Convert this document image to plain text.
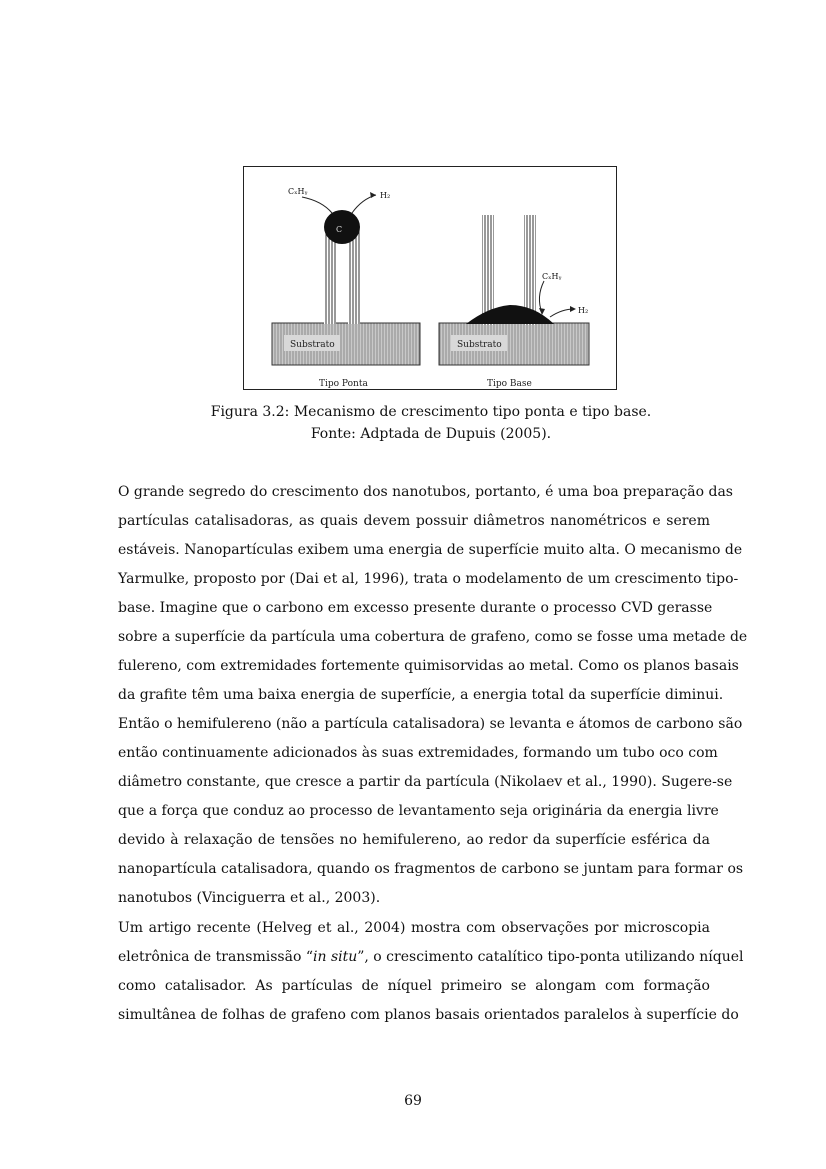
CₓHᵧ	H₂
C
Substrato
Tipo Ponta
CₓHᵧ
H₂
Substrato
Tipo Base
Figura 3.2: Mecanismo de crescimento tipo ponta e tipo base.
Fonte: Adptada de Dupuis (2005).
O grande segredo do crescimento dos nanotubos, portanto, é uma boa preparação das
partículas catalisadoras, as quais devem possuir diâmetros nanométricos e serem
estáveis. Nanopartículas exibem uma energia de superfície muito alta. O mecanismo de
Yarmulke, proposto por (Dai et al, 1996), trata o modelamento de um crescimento tipo-
base. Imagine que o carbono em excesso presente durante o processo CVD gerasse
sobre a superfície da partícula uma cobertura de grafeno, como se fosse uma metade de
fulereno, com extremidades fortemente quimisorvidas ao metal. Como os planos basais
da grafite têm uma baixa energia de superfície, a energia total da superfície diminui.
Então o hemifulereno (não a partícula catalisadora) se levanta e átomos de carbono são
então continuamente adicionados às suas extremidades, formando um tubo oco com
diâmetro constante, que cresce a partir da partícula (Nikolaev et al., 1990). Sugere-se
que a força que conduz ao processo de levantamento seja originária da energia livre
devido à relaxação de tensões no hemifulereno, ao redor da superfície esférica da
nanopartícula catalisadora, quando os fragmentos de carbono se juntam para formar os
nanotubos (Vinciguerra et al., 2003).
Um artigo recente (Helveg et al., 2004) mostra com observações por microscopia
eletrônica de transmissão “in situ”, o crescimento catalítico tipo-ponta utilizando níquel
como catalisador. As partículas de níquel primeiro se alongam com formação
simultânea de folhas de grafeno com planos basais orientados paralelos à superfície do
69
